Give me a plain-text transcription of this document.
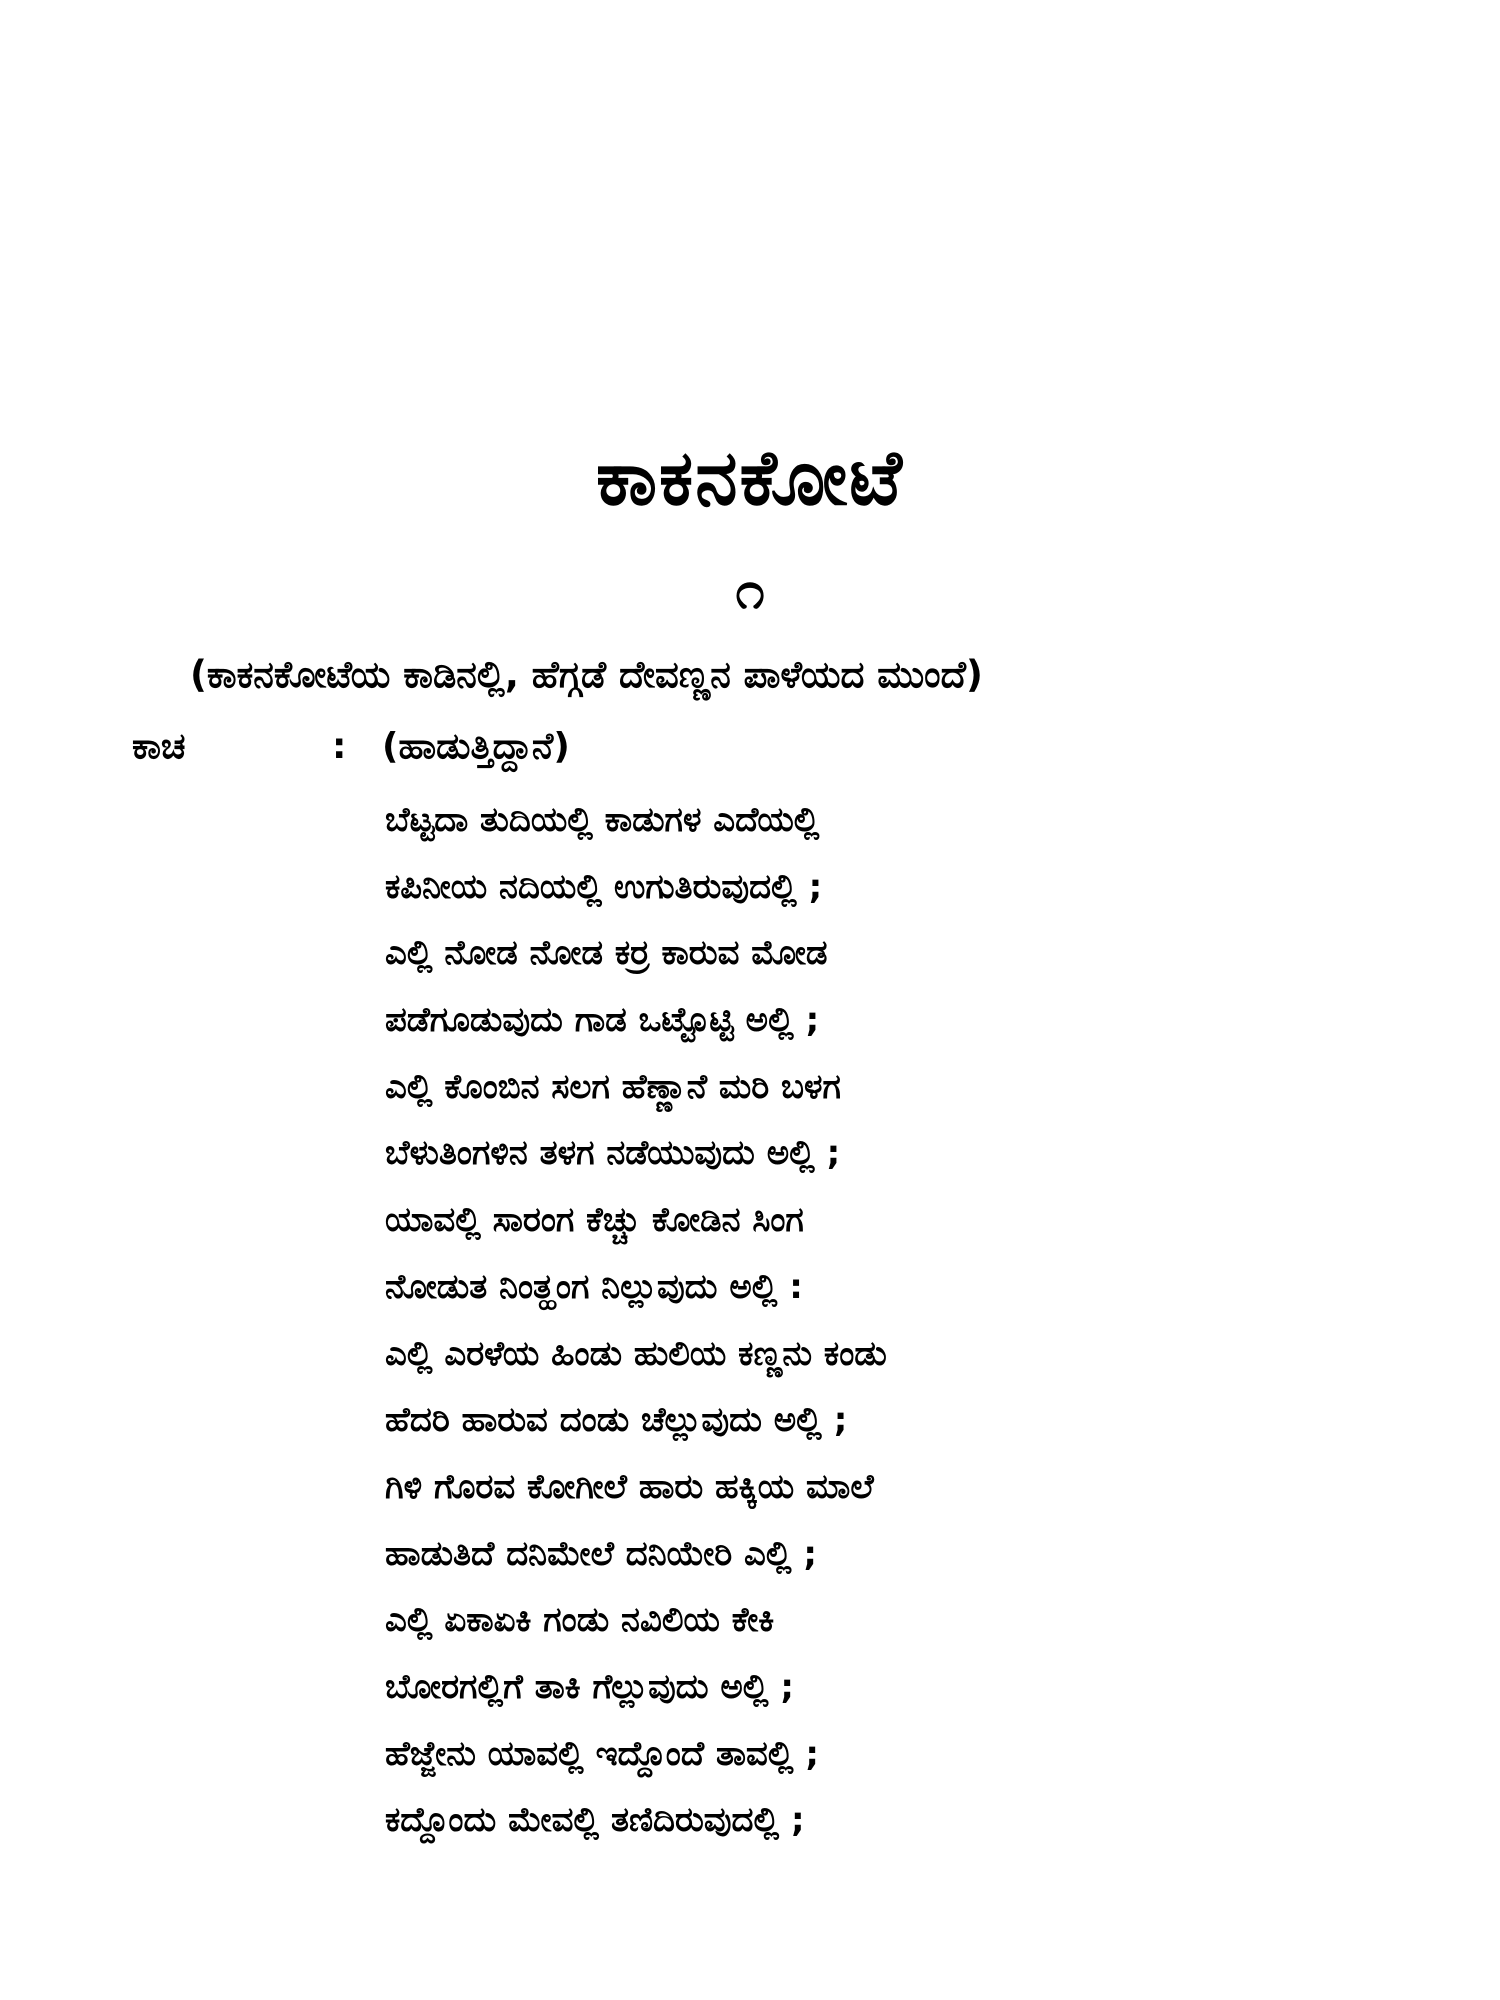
ಕಾಕನಕೋಟೆ
೧
(ಕಾಕನಕೋಟೆಯ ಕಾಡಿನಲ್ಲಿ, ಹೆಗ್ಗಡೆ ದೇವಣ್ಣನ ಪಾಳೆಯದ ಮುಂದೆ)
ಕಾಚ	: (ಹಾಡುತ್ತಿದ್ದಾನೆ)
ಬೆಟ್ಟದಾ ತುದಿಯಲ್ಲಿ ಕಾಡುಗಳ ಎದೆಯಲ್ಲಿ
ಕಪಿನೀಯ ನದಿಯಲ್ಲಿ ಉಗುತಿರುವುದಲ್ಲಿ ;
ಎಲ್ಲಿ ನೋಡ ನೋಡ ಕರ್‍ರ ಕಾರುವ ಮೋಡ
ಪಡೆಗೂಡುವುದು ಗಾಡ ಒಟ್ಟೊಟ್ಟಿ ಅಲ್ಲಿ ;
ಎಲ್ಲಿ ಕೊಂಬಿನ ಸಲಗ ಹೆಣ್ಣಾನೆ ಮರಿ ಬಳಗ
ಬೆಳುತಿಂಗಳಿನ ತಳಗ ನಡೆಯುವುದು ಅಲ್ಲಿ ;
ಯಾವಲ್ಲಿ ಸಾರಂಗ ಕೆಚ್ಚು ಕೋಡಿನ ಸಿಂಗ
ನೋಡುತ ನಿಂತ್ಹಂಗ ನಿಲ್ಲುವುದು ಅಲ್ಲಿ :
ಎಲ್ಲಿ ಎರಳೆಯ ಹಿಂಡು ಹುಲಿಯ ಕಣ್ಣನು ಕಂಡು
ಹೆದರಿ ಹಾರುವ ದಂಡು ಚೆಲ್ಲುವುದು ಅಲ್ಲಿ ;
ಗಿಳಿ ಗೊರವ ಕೋಗೀಲೆ ಹಾರು ಹಕ್ಕಿಯ ಮಾಲೆ
ಹಾಡುತಿದೆ ದನಿಮೇಲೆ ದನಿಯೇರಿ ಎಲ್ಲಿ ;
ಎಲ್ಲಿ ಏಕಾಏಕಿ ಗಂಡು ನವಿಲಿಯ ಕೇಕಿ
ಬೋರಗಲ್ಲಿಗೆ ತಾಕಿ ಗೆಲ್ಲುವುದು ಅಲ್ಲಿ ;
ಹೆಜ್ಜೇನು ಯಾವಲ್ಲಿ ಇದ್ದೊಂದೆ ತಾವಲ್ಲಿ ;
ಕದ್ದೊಂದು ಮೇವಲ್ಲಿ ತಣಿದಿರುವುದಲ್ಲಿ ;
